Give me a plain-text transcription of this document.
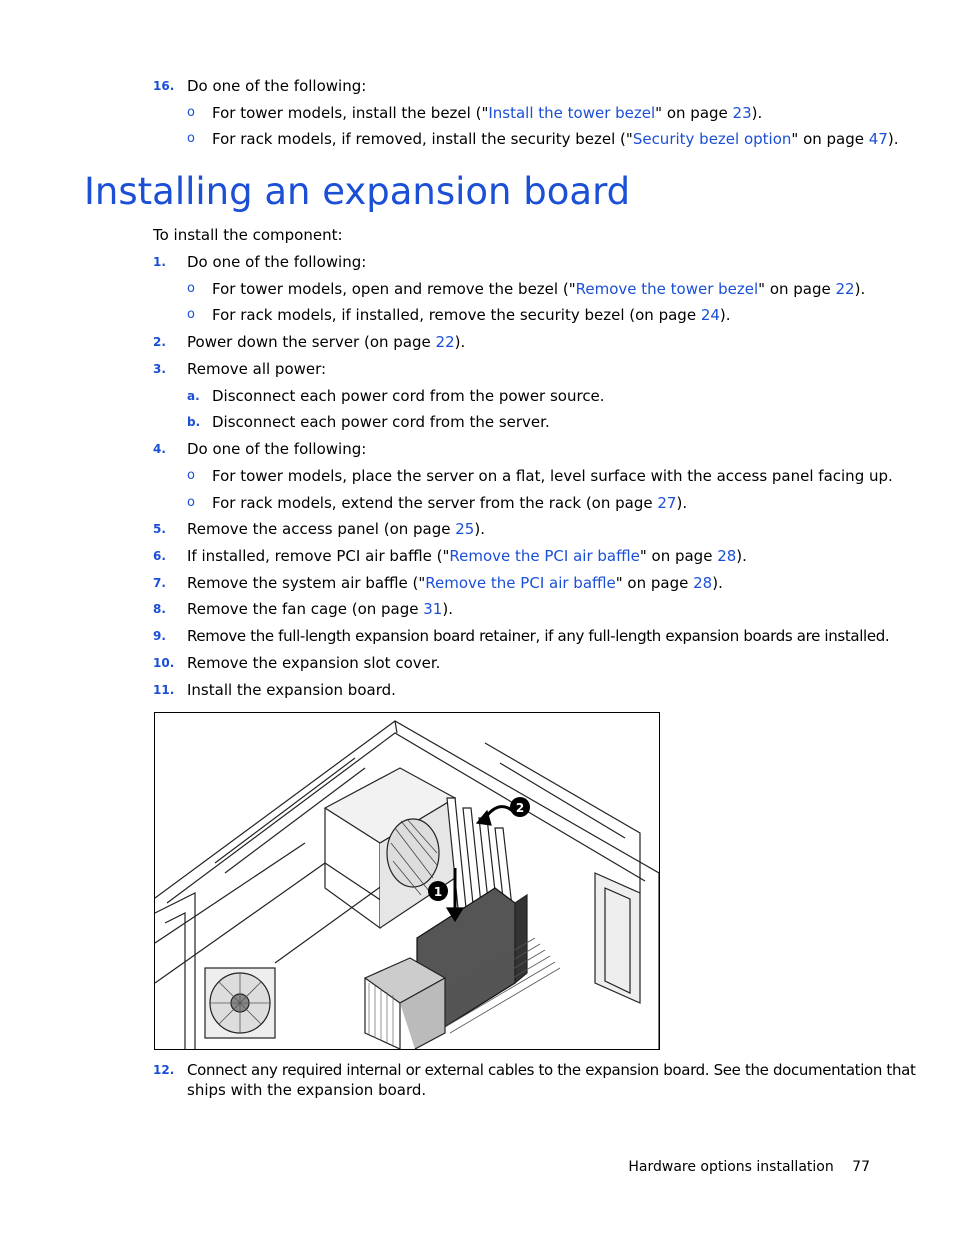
16. Do one of the following:
o For tower models, install the bezel ("Install the tower bezel" on page 23).
o For rack models, if removed, install the security bezel ("Security bezel option" on page 47).
Installing an expansion board
To install the component:
1. Do one of the following:
o For tower models, open and remove the bezel ("Remove the tower bezel" on page 22).
o For rack models, if installed, remove the security bezel (on page 24).
2. Power down the server (on page 22).
3. Remove all power:
a. Disconnect each power cord from the power source.
b. Disconnect each power cord from the server.
4. Do one of the following:
o For tower models, place the server on a flat, level surface with the access panel facing up.
o For rack models, extend the server from the rack (on page 27).
5. Remove the access panel (on page 25).
6. If installed, remove PCI air baffle ("Remove the PCI air baffle" on page 28).
7. Remove the system air baffle ("Remove the PCI air baffle" on page 28).
8. Remove the fan cage (on page 31).
9. Remove the full-length expansion board retainer, if any full-length expansion boards are installed.
10. Remove the expansion slot cover.
11. Install the expansion board.
1
2
12. Connect any required internal or external cables to the expansion board. See the documentation that
ships with the expansion board.
Hardware options installation 77
